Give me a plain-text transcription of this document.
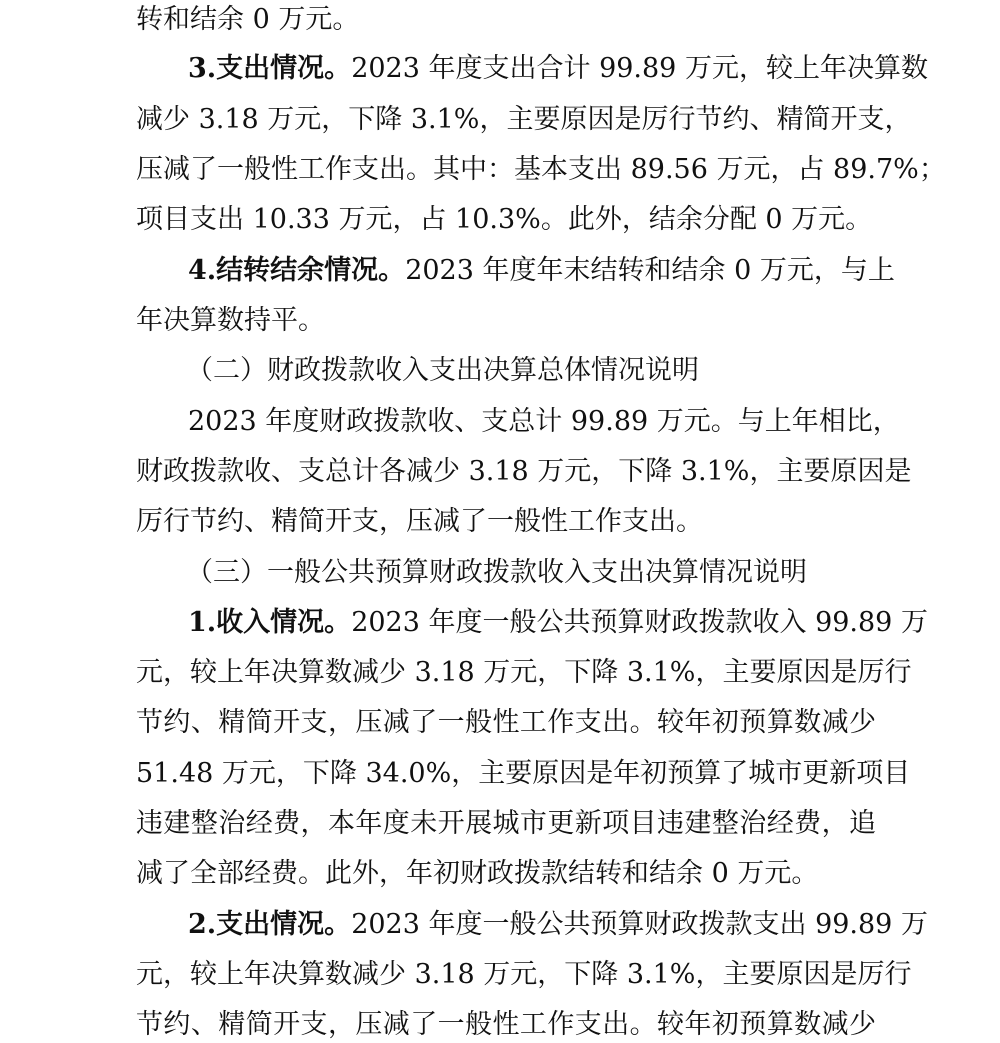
转和结余 0 万元。
3.支出情况。2023 年度支出合计 99.89 万元，较上年决算数
减少 3.18 万元，下降 3.1%，主要原因是厉行节约、精简开支，
压减了一般性工作支出。其中：基本支出 89.56 万元，占 89.7%；
项目支出 10.33 万元，占 10.3%。此外，结余分配 0 万元。
4.结转结余情况。2023 年度年末结转和结余 0 万元，与上
年决算数持平。
（二）财政拨款收入支出决算总体情况说明
2023 年度财政拨款收、支总计 99.89 万元。与上年相比，
财政拨款收、支总计各减少 3.18 万元，下降 3.1%，主要原因是
厉行节约、精简开支，压减了一般性工作支出。
（三）一般公共预算财政拨款收入支出决算情况说明
1.收入情况。2023 年度一般公共预算财政拨款收入 99.89 万
元，较上年决算数减少 3.18 万元，下降 3.1%，主要原因是厉行
节约、精简开支，压减了一般性工作支出。较年初预算数减少
51.48 万元，下降 34.0%，主要原因是年初预算了城市更新项目
违建整治经费，本年度未开展城市更新项目违建整治经费，追
减了全部经费。此外，年初财政拨款结转和结余 0 万元。
2.支出情况。2023 年度一般公共预算财政拨款支出 99.89 万
元，较上年决算数减少 3.18 万元，下降 3.1%，主要原因是厉行
节约、精简开支，压减了一般性工作支出。较年初预算数减少
